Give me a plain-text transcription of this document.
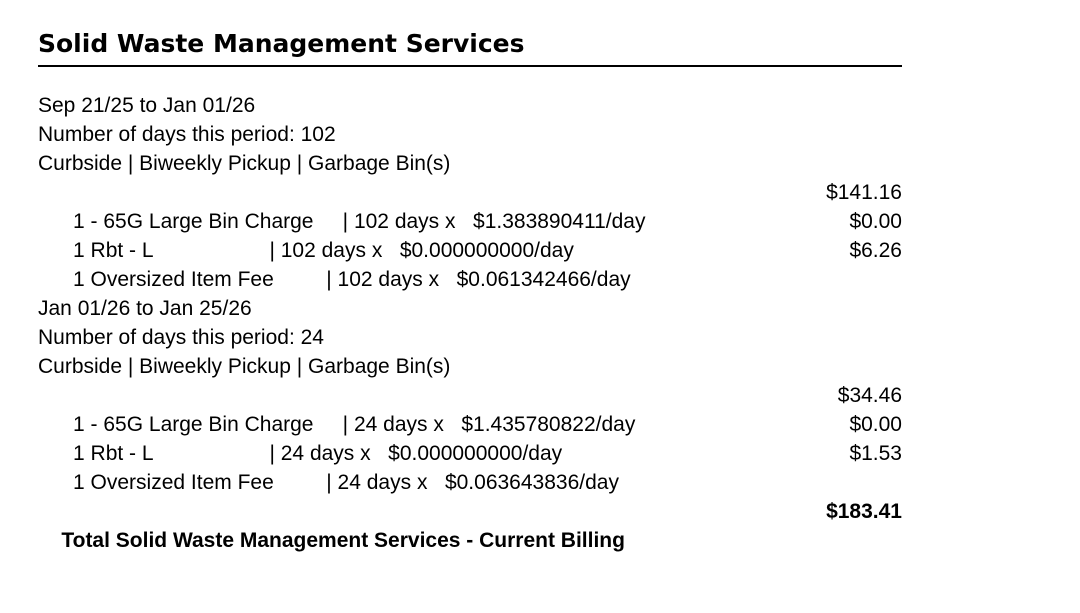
Solid Waste Management Services
Sep 21/25 to Jan 01/26
Number of days this period: 102
Curbside | Biweekly Pickup | Garbage Bin(s)

1 - 65G Large Bin Charge     | 102 days x   $1.383890411/day

$141.16

1 Rbt - L                    | 102 days x   $0.000000000/day

$0.00

1 Oversized Item Fee         | 102 days x   $0.061342466/day

$6.26

Jan 01/26 to Jan 25/26
Number of days this period: 24
Curbside | Biweekly Pickup | Garbage Bin(s)

1 - 65G Large Bin Charge     | 24 days x   $1.435780822/day

$34.46

1 Rbt - L                    | 24 days x   $0.000000000/day

$0.00

1 Oversized Item Fee         | 24 days x   $0.063643836/day

$1.53

Total Solid Waste Management Services - Current Billing

$183.41
